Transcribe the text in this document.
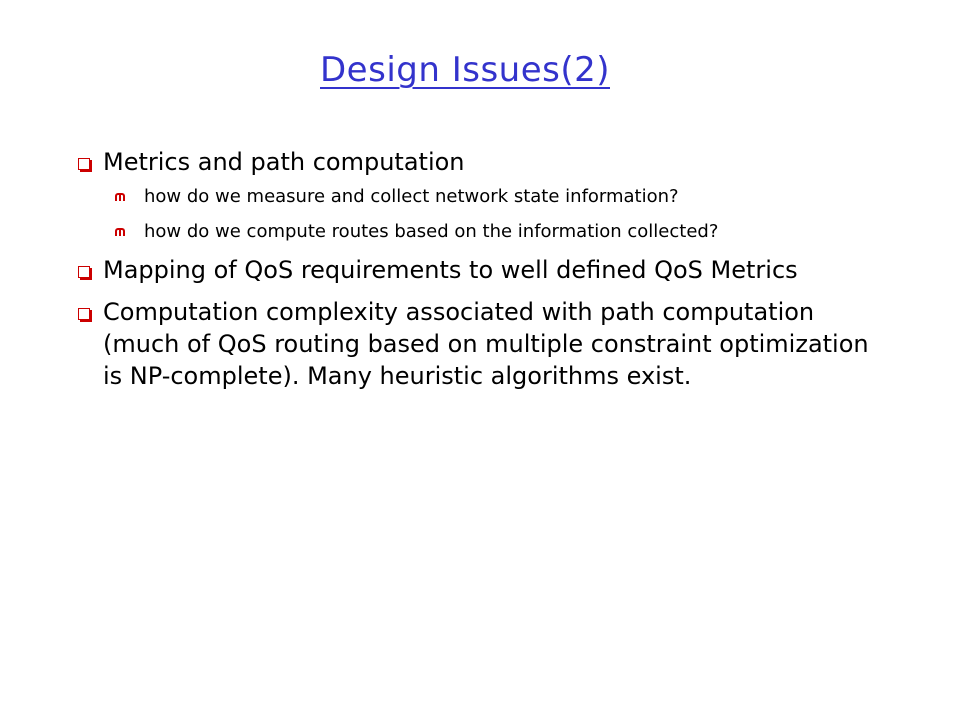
Design Issues(2)
Metrics and path computation
how do we measure and collect network state information?
how do we compute routes based on the information collected?
Mapping of QoS requirements to well defined QoS Metrics
Computation complexity associated with path computation (much of QoS routing based on multiple constraint optimization is NP-complete). Many heuristic algorithms exist.
